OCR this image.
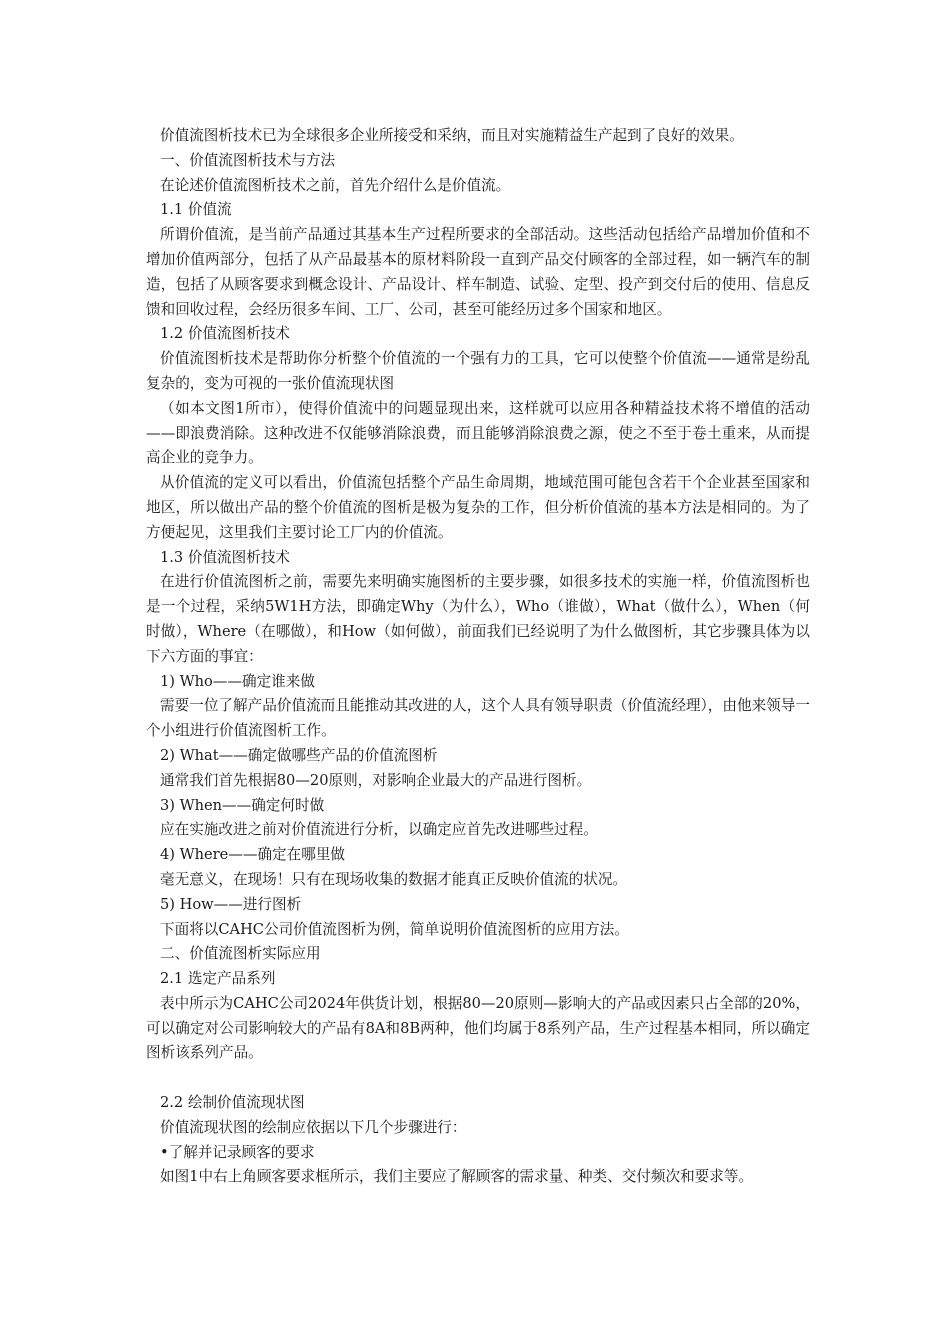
价值流图析技术已为全球很多企业所接受和采纳，而且对实施精益生产起到了良好的效果。

一、价值流图析技术与方法

在论述价值流图析技术之前，首先介绍什么是价值流。

1.1 价值流

所谓价值流，是当前产品通过其基本生产过程所要求的全部活动。这些活动包括给产品增加价值和不增加价值两部分，包括了从产品最基本的原材料阶段一直到产品交付顾客的全部过程，如一辆汽车的制造，包括了从顾客要求到概念设计、产品设计、样车制造、试验、定型、投产到交付后的使用、信息反馈和回收过程，会经历很多车间、工厂、公司，甚至可能经历过多个国家和地区。

1.2 价值流图析技术

价值流图析技术是帮助你分析整个价值流的一个强有力的工具，它可以使整个价值流——通常是纷乱复杂的，变为可视的一张价值流现状图

（如本文图1所市），使得价值流中的问题显现出来，这样就可以应用各种精益技术将不增值的活动——即浪费消除。这种改进不仅能够消除浪费，而且能够消除浪费之源，使之不至于卷土重来，从而提高企业的竞争力。

从价值流的定义可以看出，价值流包括整个产品生命周期，地域范围可能包含若干个企业甚至国家和地区，所以做出产品的整个价值流的图析是极为复杂的工作，但分析价值流的基本方法是相同的。为了方便起见，这里我们主要讨论工厂内的价值流。

1.3 价值流图析技术

在进行价值流图析之前，需要先来明确实施图析的主要步骤，如很多技术的实施一样，价值流图析也是一个过程，采纳5W1H方法，即确定Why（为什么），Who（谁做），What（做什么），When（何时做），Where（在哪做），和How（如何做），前面我们已经说明了为什么做图析，其它步骤具体为以下六方面的事宜：

1) Who——确定谁来做

需要一位了解产品价值流而且能推动其改进的人，这个人具有领导职责（价值流经理），由他来领导一个小组进行价值流图析工作。

2) What——确定做哪些产品的价值流图析

通常我们首先根据80—20原则，对影响企业最大的产品进行图析。

3) When——确定何时做

应在实施改进之前对价值流进行分析，以确定应首先改进哪些过程。

4) Where——确定在哪里做

毫无意义，在现场！只有在现场收集的数据才能真正反映价值流的状况。

5) How——进行图析

下面将以CAHC公司价值流图析为例，简单说明价值流图析的应用方法。

二、价值流图析实际应用

2.1 选定产品系列

表中所示为CAHC公司2024年供货计划，根据80—20原则—影响大的产品或因素只占全部的20%，可以确定对公司影响较大的产品有8A和8B两种，他们均属于8系列产品，生产过程基本相同，所以确定图析该系列产品。

2.2 绘制价值流现状图

价值流现状图的绘制应依据以下几个步骤进行：

•了解并记录顾客的要求

如图1中右上角顾客要求框所示，我们主要应了解顾客的需求量、种类、交付频次和要求等。
